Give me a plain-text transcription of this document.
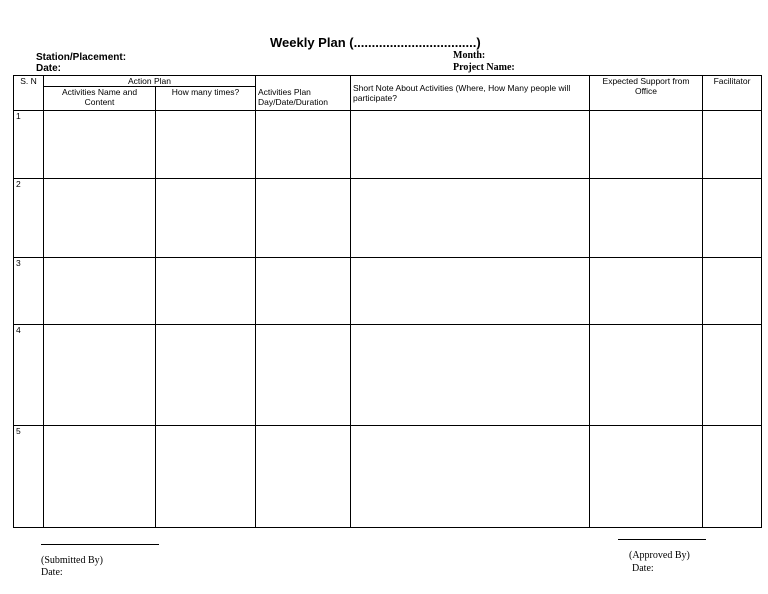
Weekly Plan (..................................)
Station/Placement:
Date:
Month:
Project Name:
S. N	Action Plan			Short Note About Activities (Where, How Many people will participate?	Expected Support from Office	Facilitator
	Activities Name and Content	How many times?	Activities Plan Day/Date/Duration			
1						
2						
3						
4						
5						
(Submitted By)
Date:
(Approved By)
Date:
